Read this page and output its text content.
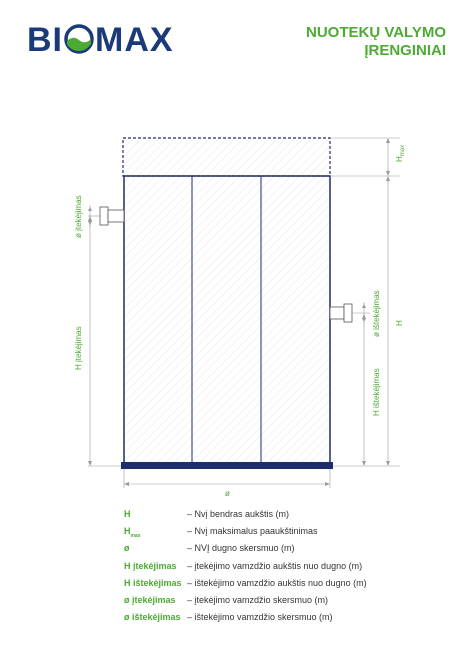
BI MAX	NUOTEKŲ VALYMO
ĮRENGINIAI
$H_{max}$
H
ø ištekėjimas
H ištekėjimas
ø įtekėjimas
H įtekėjimas
ø
H	– Nvį bendras aukštis (m)
$H_{max}$	– Nvį maksimalus paaukštinimas
ø	– NVĮ dugno skersmuo (m)
H įtekėjimas	– įtekėjimo vamzdžio aukštis nuo dugno (m)
H ištekėjimas – ištekėjimo vamzdžio aukštis nuo dugno (m)
ø įtekėjimas	– įtekėjimo vamzdžio skersmuo (m)
ø ištekėjimas – ištekėjimo vamzdžio skersmuo (m)
